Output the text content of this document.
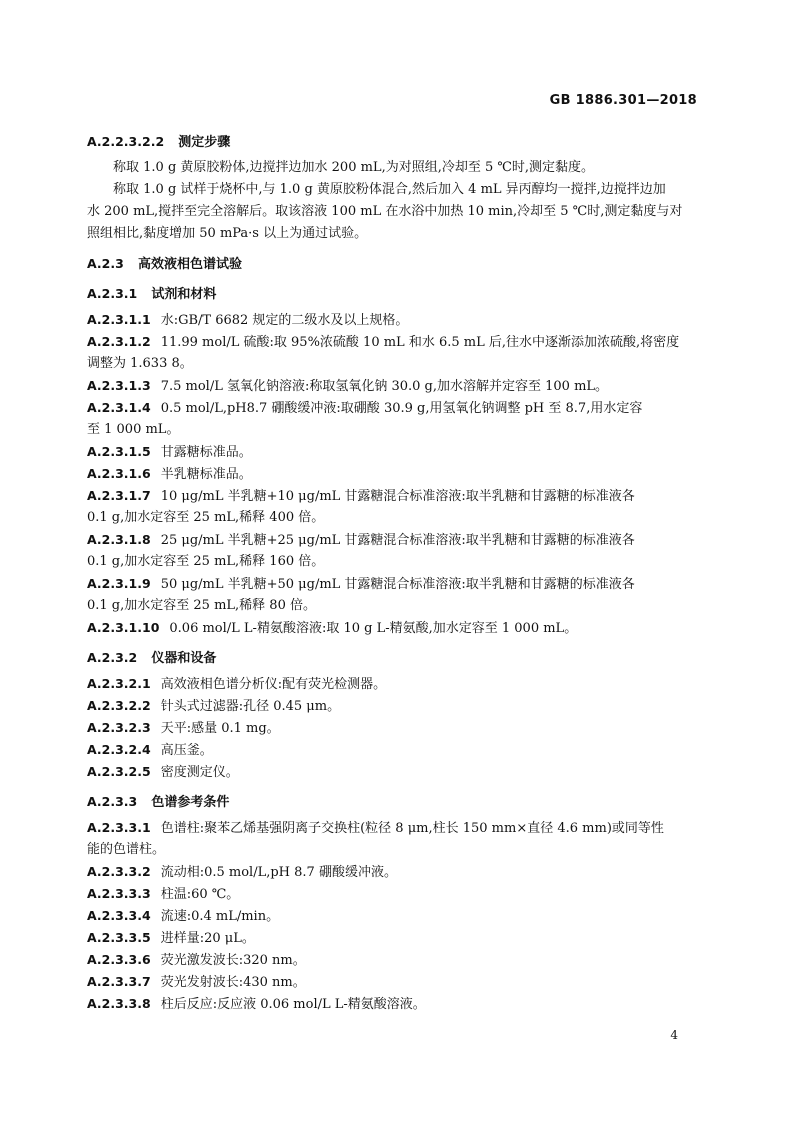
GB 1886.301—2018
A.2.2.3.2.2 测定步骤
称取 1.0 g 黄原胶粉体,边搅拌边加水 200 mL,为对照组,冷却至 5 ℃时,测定黏度。
称取 1.0 g 试样于烧杯中,与 1.0 g 黄原胶粉体混合,然后加入 4 mL 异丙醇均一搅拌,边搅拌边加
水 200 mL,搅拌至完全溶解后。取该溶液 100 mL 在水浴中加热 10 min,冷却至 5 ℃时,测定黏度与对
照组相比,黏度增加 50 mPa·s 以上为通过试验。
A.2.3 高效液相色谱试验
A.2.3.1 试剂和材料
A.2.3.1.1 水:GB/T 6682 规定的二级水及以上规格。
A.2.3.1.2 11.99 mol/L 硫酸:取 95%浓硫酸 10 mL 和水 6.5 mL 后,往水中逐渐添加浓硫酸,将密度
调整为 1.633 8。
A.2.3.1.3 7.5 mol/L 氢氧化钠溶液:称取氢氧化钠 30.0 g,加水溶解并定容至 100 mL。
A.2.3.1.4 0.5 mol/L,pH8.7 硼酸缓冲液:取硼酸 30.9 g,用氢氧化钠调整 pH 至 8.7,用水定容
至 1 000 mL。
A.2.3.1.5 甘露糖标准品。
A.2.3.1.6 半乳糖标准品。
A.2.3.1.7 10 μg/mL 半乳糖+10 μg/mL 甘露糖混合标准溶液:取半乳糖和甘露糖的标准液各
0.1 g,加水定容至 25 mL,稀释 400 倍。
A.2.3.1.8 25 μg/mL 半乳糖+25 μg/mL 甘露糖混合标准溶液:取半乳糖和甘露糖的标准液各
0.1 g,加水定容至 25 mL,稀释 160 倍。
A.2.3.1.9 50 μg/mL 半乳糖+50 μg/mL 甘露糖混合标准溶液:取半乳糖和甘露糖的标准液各
0.1 g,加水定容至 25 mL,稀释 80 倍。
A.2.3.1.10 0.06 mol/L L-精氨酸溶液:取 10 g L-精氨酸,加水定容至 1 000 mL。
A.2.3.2 仪器和设备
A.2.3.2.1 高效液相色谱分析仪:配有荧光检测器。
A.2.3.2.2 针头式过滤器:孔径 0.45 μm。
A.2.3.2.3 天平:感量 0.1 mg。
A.2.3.2.4 高压釜。
A.2.3.2.5 密度测定仪。
A.2.3.3 色谱参考条件
A.2.3.3.1 色谱柱:聚苯乙烯基强阴离子交换柱(粒径 8 μm,柱长 150 mm×直径 4.6 mm)或同等性
能的色谱柱。
A.2.3.3.2 流动相:0.5 mol/L,pH 8.7 硼酸缓冲液。
A.2.3.3.3 柱温:60 ℃。
A.2.3.3.4 流速:0.4 mL/min。
A.2.3.3.5 进样量:20 μL。
A.2.3.3.6 荧光激发波长:320 nm。
A.2.3.3.7 荧光发射波长:430 nm。
A.2.3.3.8 柱后反应:反应液 0.06 mol/L L-精氨酸溶液。
4
